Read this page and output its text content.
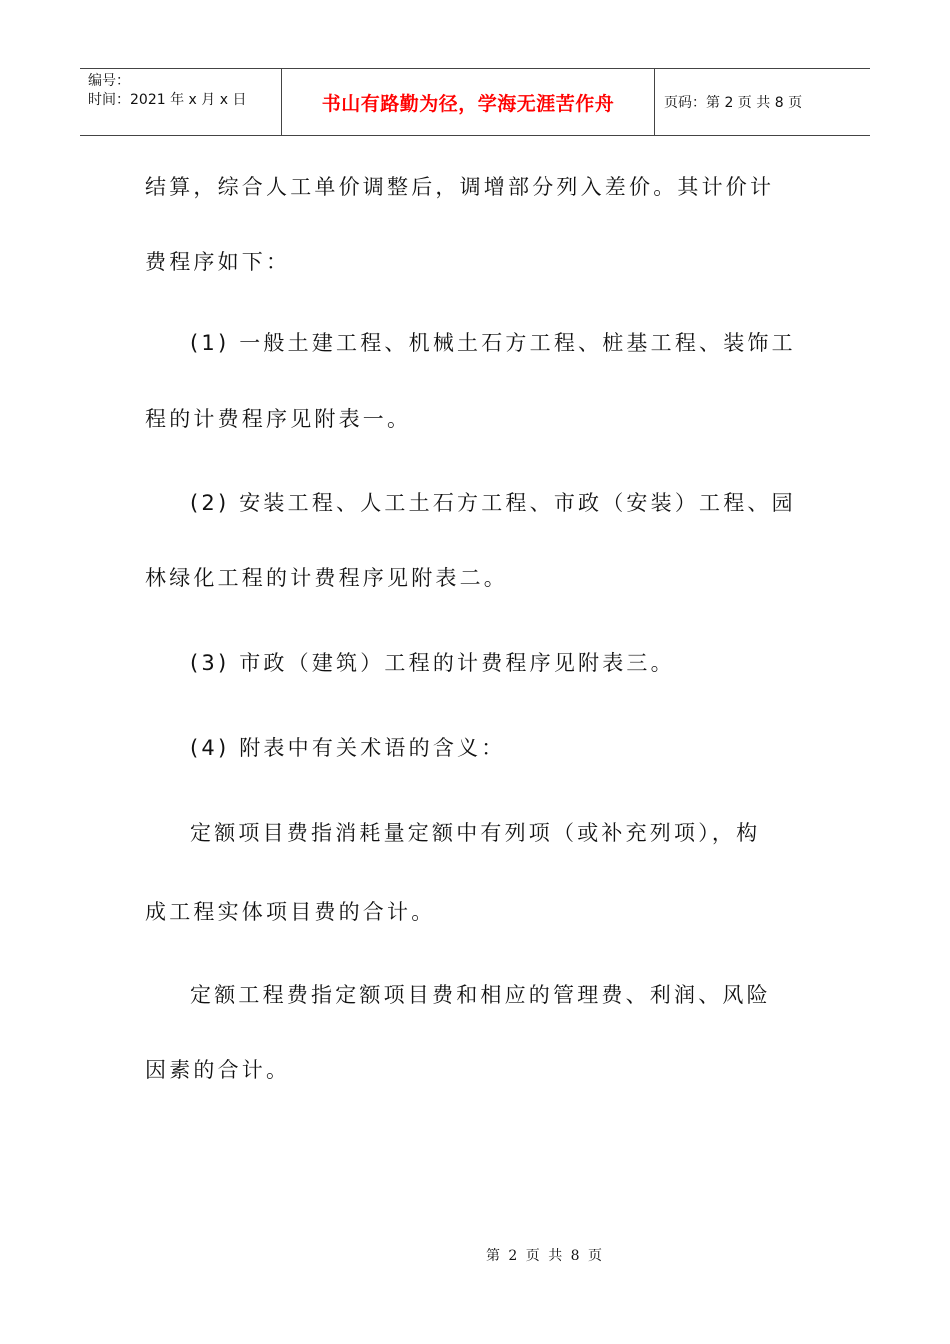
编号：
时间：2021 年 x 月 x 日	书山有路勤为径，学海无涯苦作舟	页码：第 2 页 共 8 页
结算，综合人工单价调整后，调增部分列入差价。其计价计
费程序如下：
(1) 一般土建工程、机械土石方工程、桩基工程、装饰工
程的计费程序见附表一。
(2) 安装工程、人工土石方工程、市政（安装）工程、园
林绿化工程的计费程序见附表二。
(3) 市政（建筑）工程的计费程序见附表三。
(4) 附表中有关术语的含义：
定额项目费指消耗量定额中有列项（或补充列项），构
成工程实体项目费的合计。
定额工程费指定额项目费和相应的管理费、利润、风险
因素的合计。
第 2 页 共 8 页
